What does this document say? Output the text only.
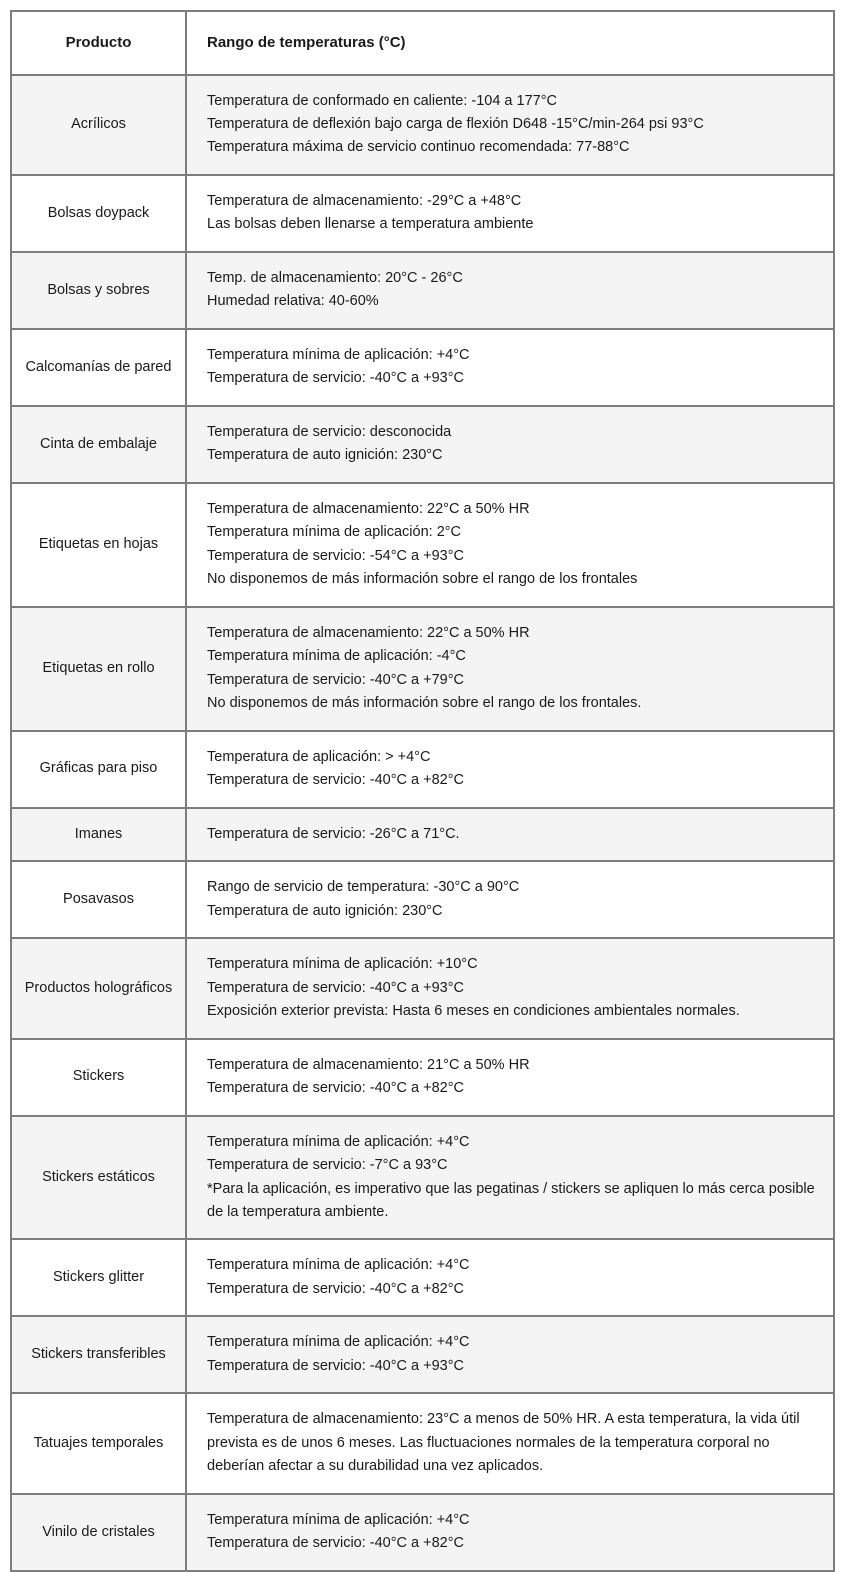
Producto	Rango de temperaturas (°C)

Acrílicos	Temperatura de conformado en caliente: -104 a 177°C
Temperatura de deflexión bajo carga de flexión D648 -15°C/min-264 psi 93°C
Temperatura máxima de servicio continuo recomendada: 77-88°C

Bolsas doypack	Temperatura de almacenamiento: -29°C a +48°C
Las bolsas deben llenarse a temperatura ambiente

Bolsas y sobres	Temp. de almacenamiento: 20°C - 26°C
Humedad relativa: 40-60%

Calcomanías de pared	Temperatura mínima de aplicación: +4°C
Temperatura de servicio: -40°C a +93°C

Cinta de embalaje	Temperatura de servicio: desconocida
Temperatura de auto ignición: 230°C

Etiquetas en hojas	Temperatura de almacenamiento: 22°C a 50% HR
Temperatura mínima de aplicación: 2°C
Temperatura de servicio: -54°C a +93°C
No disponemos de más información sobre el rango de los frontales

Etiquetas en rollo	Temperatura de almacenamiento: 22°C a 50% HR
Temperatura mínima de aplicación: -4°C
Temperatura de servicio: -40°C a +79°C
No disponemos de más información sobre el rango de los frontales.

Gráficas para piso	Temperatura de aplicación: > +4°C
Temperatura de servicio: -40°C a +82°C

Imanes	Temperatura de servicio: -26°C a 71°C.

Posavasos	Rango de servicio de temperatura: -30°C a 90°C
Temperatura de auto ignición: 230°C

Productos holográficos	Temperatura mínima de aplicación: +10°C
Temperatura de servicio: -40°C a +93°C
Exposición exterior prevista: Hasta 6 meses en condiciones ambientales normales.

Stickers	Temperatura de almacenamiento: 21°C a 50% HR
Temperatura de servicio: -40°C a +82°C

Stickers estáticos	Temperatura mínima de aplicación: +4°C
Temperatura de servicio: -7°C a 93°C
*Para la aplicación, es imperativo que las pegatinas / stickers se apliquen lo más cerca posible de la temperatura ambiente.

Stickers glitter	Temperatura mínima de aplicación: +4°C
Temperatura de servicio: -40°C a +82°C

Stickers transferibles	Temperatura mínima de aplicación: +4°C
Temperatura de servicio: -40°C a +93°C

Tatuajes temporales	Temperatura de almacenamiento: 23°C a menos de 50% HR. A esta temperatura, la vida útil prevista es de unos 6 meses. Las fluctuaciones normales de la temperatura corporal no deberían afectar a su durabilidad una vez aplicados.

Vinilo de cristales	Temperatura mínima de aplicación: +4°C
Temperatura de servicio: -40°C a +82°C
